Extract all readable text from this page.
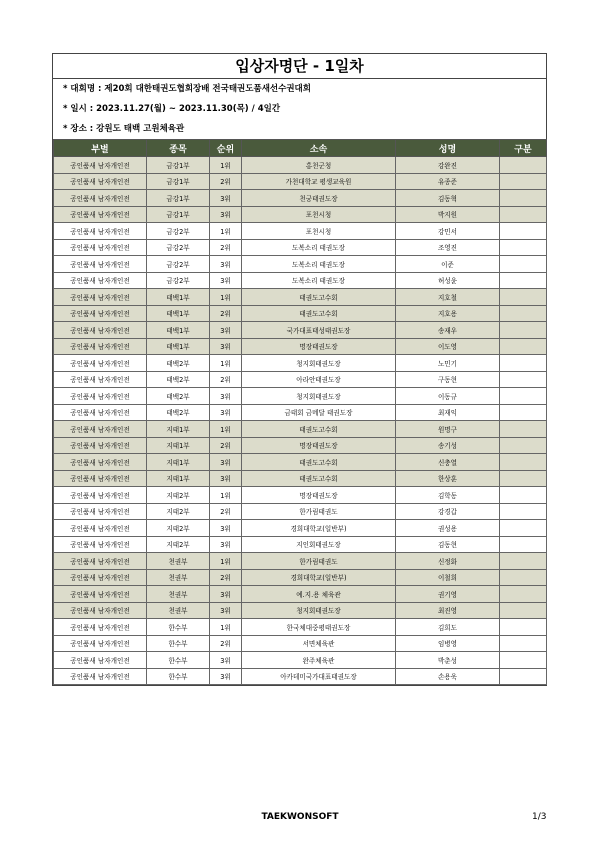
입상자명단 - 1일차
* 대회명 : 제20회 대한태권도협회장배 전국태권도품새선수권대회
* 일시 : 2023.11.27(월) ~ 2023.11.30(목) / 4일간
* 장소 : 강원도 태백 고원체육관
부별	종목	순위	소속	성명	구분
공인품새 남자개인전	금강1부	1위	홍천군청	강완진	
공인품새 남자개인전	금강1부	2위	가천대학교 평생교육원	유종준	
공인품새 남자개인전	금강1부	3위	천궁태권도장	김동혁	
공인품새 남자개인전	금강1부	3위	포천시청	박지원	
공인품새 남자개인전	금강2부	1위	포천시청	강민서	
공인품새 남자개인전	금강2부	2위	도복소리 태권도장	조영진	
공인품새 남자개인전	금강2부	3위	도복소리 태권도장	이준	
공인품새 남자개인전	금강2부	3위	도복소리 태권도장	허성윤	
공인품새 남자개인전	태백1부	1위	태권도고수회	지호철	
공인품새 남자개인전	태백1부	2위	태권도고수회	지호용	
공인품새 남자개인전	태백1부	3위	국가대표태성태권도장	송재우	
공인품새 남자개인전	태백1부	3위	명장태권도장	이도영	
공인품새 남자개인전	태백2부	1위	청지회태권도장	노민기	
공인품새 남자개인전	태백2부	2위	아라안태권도장	구동현	
공인품새 남자개인전	태백2부	3위	청지회태권도장	이동규	
공인품새 남자개인전	태백2부	3위	금태회 금메달 태권도장	최재익	
공인품새 남자개인전	지태1부	1위	태권도고수회	원명구	
공인품새 남자개인전	지태1부	2위	명장태권도장	송기성	
공인품새 남자개인전	지태1부	3위	태권도고수회	신충열	
공인품새 남자개인전	지태1부	3위	태권도고수회	한상훈	
공인품새 남자개인전	지태2부	1위	명장태권도장	김학동	
공인품새 남자개인전	지태2부	2위	한가림태권도	강경갑	
공인품새 남자개인전	지태2부	3위	경희대학교(일반부)	권성용	
공인품새 남자개인전	지태2부	3위	지인회태권도장	김동현	
공인품새 남자개인전	천권부	1위	한가림태권도	신정화	
공인품새 남자개인전	천권부	2위	경희대학교(일반부)	이철희	
공인품새 남자개인전	천권부	3위	예.지.용 체육관	권기영	
공인품새 남자개인전	천권부	3위	청지회태권도장	최진영	
공인품새 남자개인전	한수부	1위	한국체대중평태권도장	김희도	
공인품새 남자개인전	한수부	2위	서면체육관	임병영	
공인품새 남자개인전	한수부	3위	완주체육관	박춘성	
공인품새 남자개인전	한수부	3위	아카데미국가대표태권도장	손용욱	
TAEKWONSOFT	1/3
